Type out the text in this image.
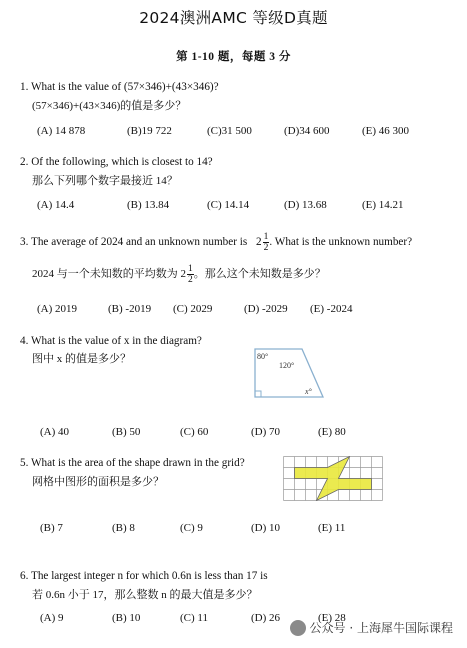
2024澳洲AMC 等级D真题
第 1-10 题，每题 3 分
1. What is the value of (57×346)+(43×346)?
(57×346)+(43×346)的值是多少？
(A) 14 878	(B)19 722	(C)31 500	(D)34 600	(E) 46 300
2. Of the following, which is closest to 14?
那么下列哪个数字最接近 14？
(A) 14.4	(B) 13.84	(C) 14.14	(D) 13.68	(E) 14.21
3. The average of 2024 and an unknown number is $2 \frac{1}{2}$ . What is the unknown number?
2024 与一个未知数的平均数为 $2 \frac{1}{2}$ 。那么这个未知数是多少？
(A) 2019	(B) -2019 (C) 2029	(D) -2029 (E) -2024
4. What is the value of x in the diagram?
图中 x 的值是多少？	80°
120°
x°
(A) 40	(B) 50	(C) 60	(D) 70	(E) 80
5. What is the area of the shape drawn in the grid?
网格中图形的面积是多少？
(B) 7	(B) 8	(C) 9	(D) 10	(E) 11
6. The largest integer n for which 0.6n is less than 17 is
若 0.6n 小于 17，那么整数 n 的最大值是多少？
(A) 9	(B) 10	(C) 11	(D) 26	(E) 28
公众号 · 上海犀牛国际课程
